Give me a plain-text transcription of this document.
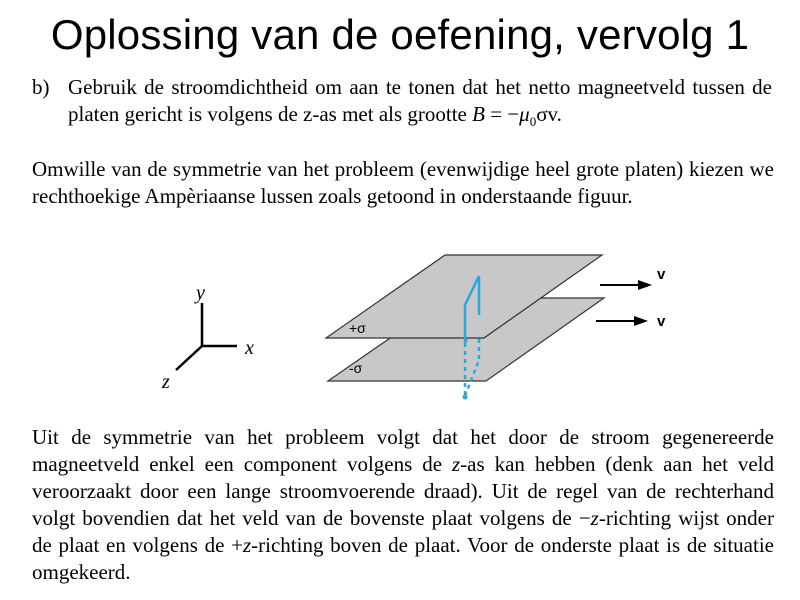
Oplossing van de oefening, vervolg 1
b) Gebruik de stroomdichtheid om aan te tonen dat het netto magneetveld tussen de platen gericht is volgens de z-as met als grootte $B = -\mu_0\sigma v$.
Omwille van de symmetrie van het probleem (evenwijdige heel grote platen) kiezen we rechthoekige Ampèriaanse lussen zoals getoond in onderstaande figuur.
y
x
z
v
v
+σ
-σ
Uit de symmetrie van het probleem volgt dat het door de stroom gegenereerde magneetveld enkel een component volgens de z-as kan hebben (denk aan het veld veroorzaakt door een lange stroomvoerende draad). Uit de regel van de rechterhand volgt bovendien dat het veld van de bovenste plaat volgens de −z-richting wijst onder de plaat en volgens de +z-richting boven de plaat. Voor de onderste plaat is de situatie omgekeerd.
